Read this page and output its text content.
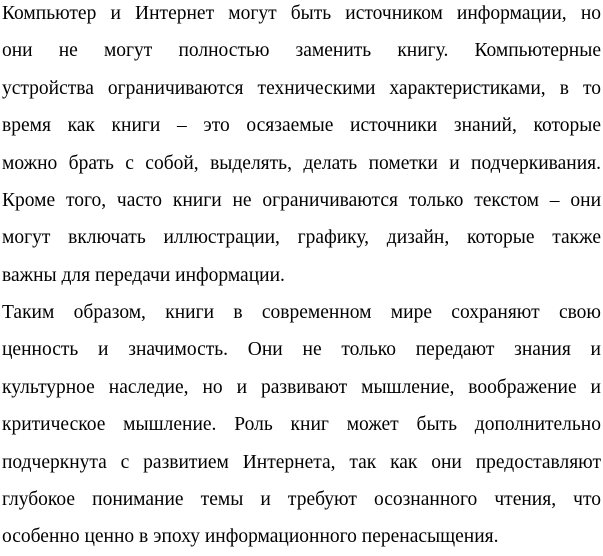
Компьютер и Интернет могут быть источником информации, но
они не могут полностью заменить книгу. Компьютерные
устройства ограничиваются техническими характеристиками, в то
время как книги – это осязаемые источники знаний, которые
можно брать с собой, выделять, делать пометки и подчеркивания.
Кроме того, часто книги не ограничиваются только текстом – они
могут включать иллюстрации, графику, дизайн, которые также
важны для передачи информации.

Таким образом, книги в современном мире сохраняют свою
ценность и значимость. Они не только передают знания и
культурное наследие, но и развивают мышление, воображение и
критическое мышление. Роль книг может быть дополнительно
подчеркнута с развитием Интернета, так как они предоставляют
глубокое понимание темы и требуют осознанного чтения, что
особенно ценно в эпоху информационного перенасыщения.
